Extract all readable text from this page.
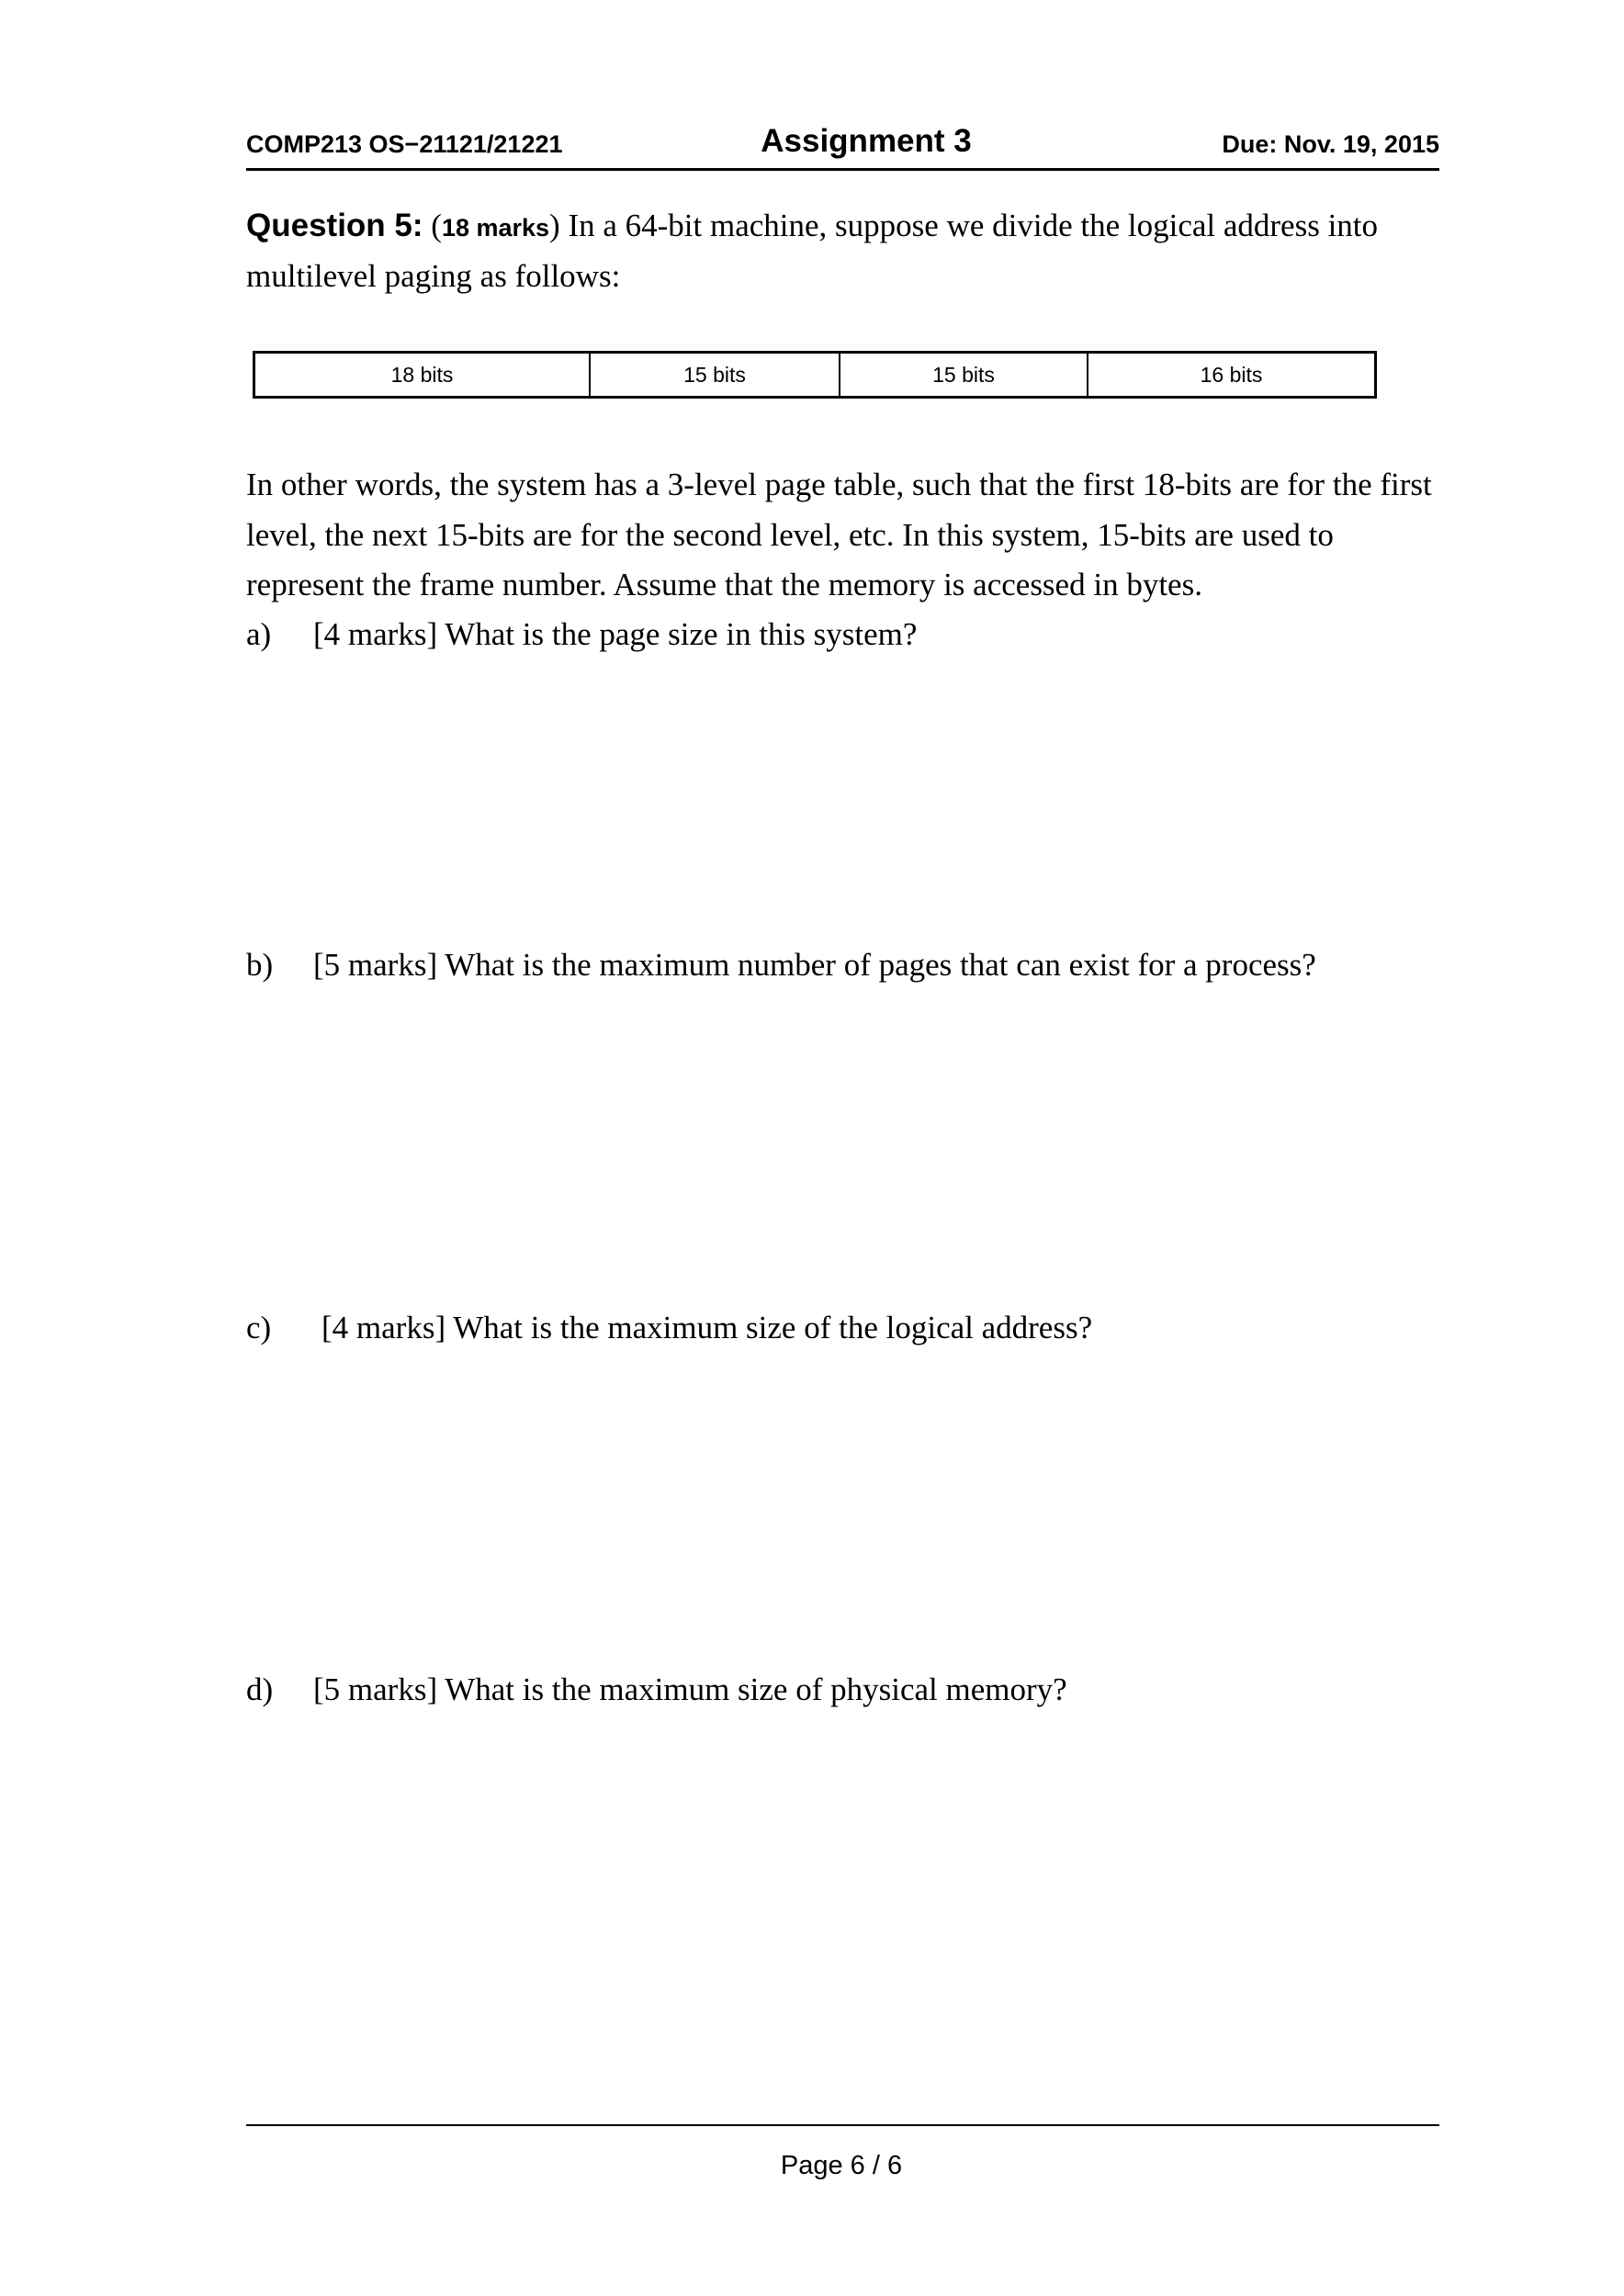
COMP213 OS−21121/21221	Assignment 3	Due: Nov. 19, 2015
Question 5: (18 marks) In a 64-bit machine, suppose we divide the logical address into
multilevel paging as follows:
18 bits	15 bits	15 bits	16 bits
In other words, the system has a 3-level page table, such that the first 18-bits are for the first
level, the next 15-bits are for the second level, etc. In this system, 15-bits are used to
represent the frame number. Assume that the memory is accessed in bytes.
a) [4 marks] What is the page size in this system?
b) [5 marks] What is the maximum number of pages that can exist for a process?
c) [4 marks] What is the maximum size of the logical address?
d) [5 marks] What is the maximum size of physical memory?
Page 6 / 6
